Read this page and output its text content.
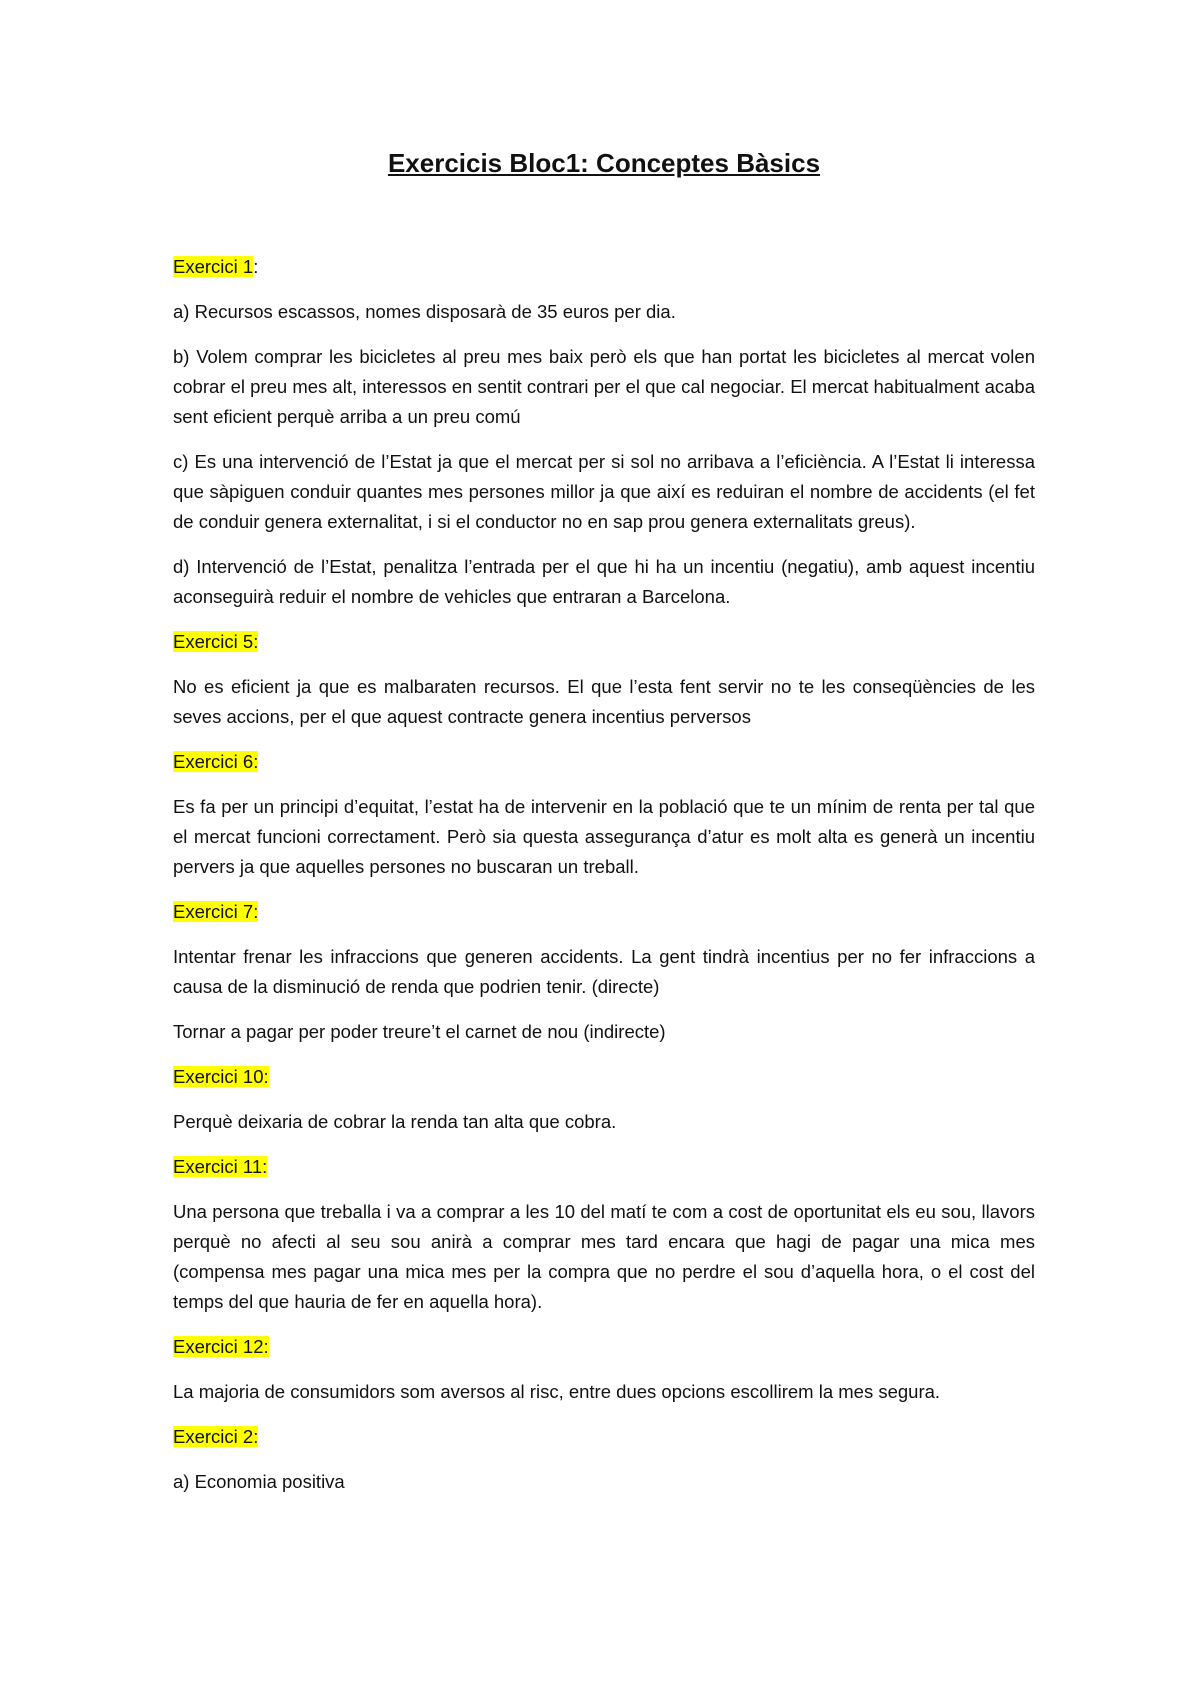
Exercicis Bloc1: Conceptes Bàsics

Exercici 1:

a) Recursos escassos, nomes disposarà de 35 euros per dia.

b) Volem comprar les bicicletes al preu mes baix però els que han portat les bicicletes al mercat volen cobrar el preu mes alt, interessos en sentit contrari per el que cal negociar. El mercat habitualment acaba sent eficient perquè arriba a un preu comú

c) Es una intervenció de l’Estat ja que el mercat per si sol no arribava a l’eficiència. A l’Estat li interessa que sàpiguen conduir quantes mes persones millor ja que així es reduiran el nombre de accidents (el fet de conduir genera externalitat, i si el conductor no en sap prou genera externalitats greus).

d) Intervenció de l’Estat, penalitza l’entrada per el que hi ha un incentiu (negatiu), amb aquest incentiu aconseguirà reduir el nombre de vehicles que entraran a Barcelona.

Exercici 5:

No es eficient ja que es malbaraten recursos. El que l’esta fent servir no te les conseqüències de les seves accions, per el que aquest contracte genera incentius perversos

Exercici 6:

Es fa per un principi d’equitat, l’estat ha de intervenir en la població que te un mínim de renta per tal que el mercat funcioni correctament. Però sia questa assegurança d’atur es molt alta es generà un incentiu pervers ja que aquelles persones no buscaran un treball.

Exercici 7:

Intentar frenar les infraccions que generen accidents. La gent tindrà incentius per no fer infraccions a causa de la disminució de renda que podrien tenir. (directe)

Tornar a pagar per poder treure’t el carnet de nou (indirecte)

Exercici 10:

Perquè deixaria de cobrar la renda tan alta que cobra.

Exercici 11:

Una persona que treballa i va a comprar a les 10 del matí te com a cost de oportunitat els eu sou, llavors perquè no afecti al seu sou anirà a comprar mes tard encara que hagi de pagar una mica mes (compensa mes pagar una mica mes per la compra que no perdre el sou d’aquella hora, o el cost del temps del que hauria de fer en aquella hora).

Exercici 12:

La majoria de consumidors som aversos al risc, entre dues opcions escollirem la mes segura.

Exercici 2:

a) Economia positiva
